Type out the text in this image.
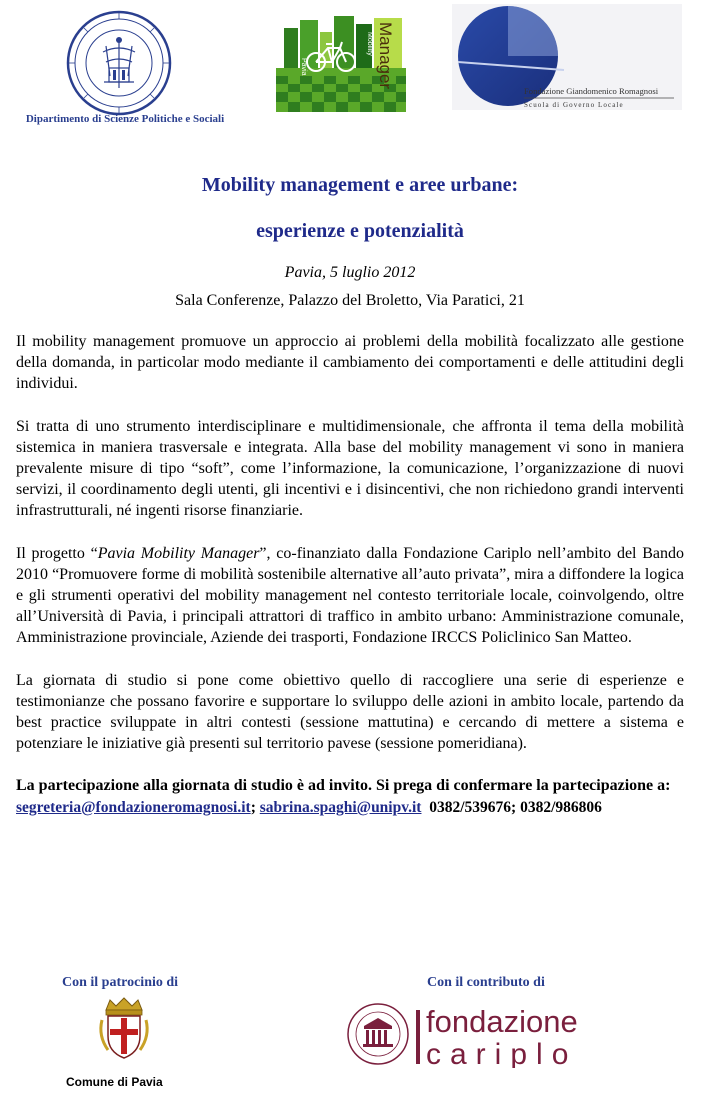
Dipartimento di Scienze Politiche e Sociali
Manager
Mobility
Pavia
Fondazione Giandomenico Romagnosi
Scuola di Governo Locale
Mobility management e aree urbane:
esperienze e potenzialità
Pavia, 5 luglio 2012
Sala Conferenze, Palazzo del Broletto, Via Paratici, 21

Il mobility management promuove un approccio ai problemi della mobilità focalizzato alle gestione della domanda, in particolar modo mediante il cambiamento dei comportamenti e delle attitudini degli individui.

Si tratta di uno strumento interdisciplinare e multidimensionale, che affronta il tema della mobilità sistemica in maniera trasversale e integrata. Alla base del mobility management vi sono in maniera prevalente misure di tipo “soft”, come l’informazione, la comunicazione, l’organizzazione di nuovi servizi, il coordinamento degli utenti, gli incentivi e i disincentivi, che non richiedono grandi interventi infrastrutturali, né ingenti risorse finanziarie.

Il progetto “Pavia Mobility Manager”, co-finanziato dalla Fondazione Cariplo nell’ambito del Bando 2010 “Promuovere forme di mobilità sostenibile alternative all’auto privata”, mira a diffondere la logica e gli strumenti operativi del mobility management nel contesto territoriale locale, coinvolgendo, oltre all’Università di Pavia, i principali attrattori di traffico in ambito urbano: Amministrazione comunale, Amministrazione provinciale, Aziende dei trasporti, Fondazione IRCCS Policlinico San Matteo.

La giornata di studio si pone come obiettivo quello di raccogliere una serie di esperienze e testimonianze che possano favorire e supportare lo sviluppo delle azioni in ambito locale, partendo da best practice sviluppate in altri contesti (sessione mattutina) e cercando di mettere a sistema e potenziare le iniziative già presenti sul territorio pavese (sessione pomeridiana).

La partecipazione alla giornata di studio è ad invito. Si prega di confermare la partecipazione a:

segreteria@fondazioneromagnosi.it; sabrina.spaghi@unipv.it 0382/539676; 0382/986806
Con il patrocinio di	Con il contributo di
Comune di Pavia
fondazione
cariplo
